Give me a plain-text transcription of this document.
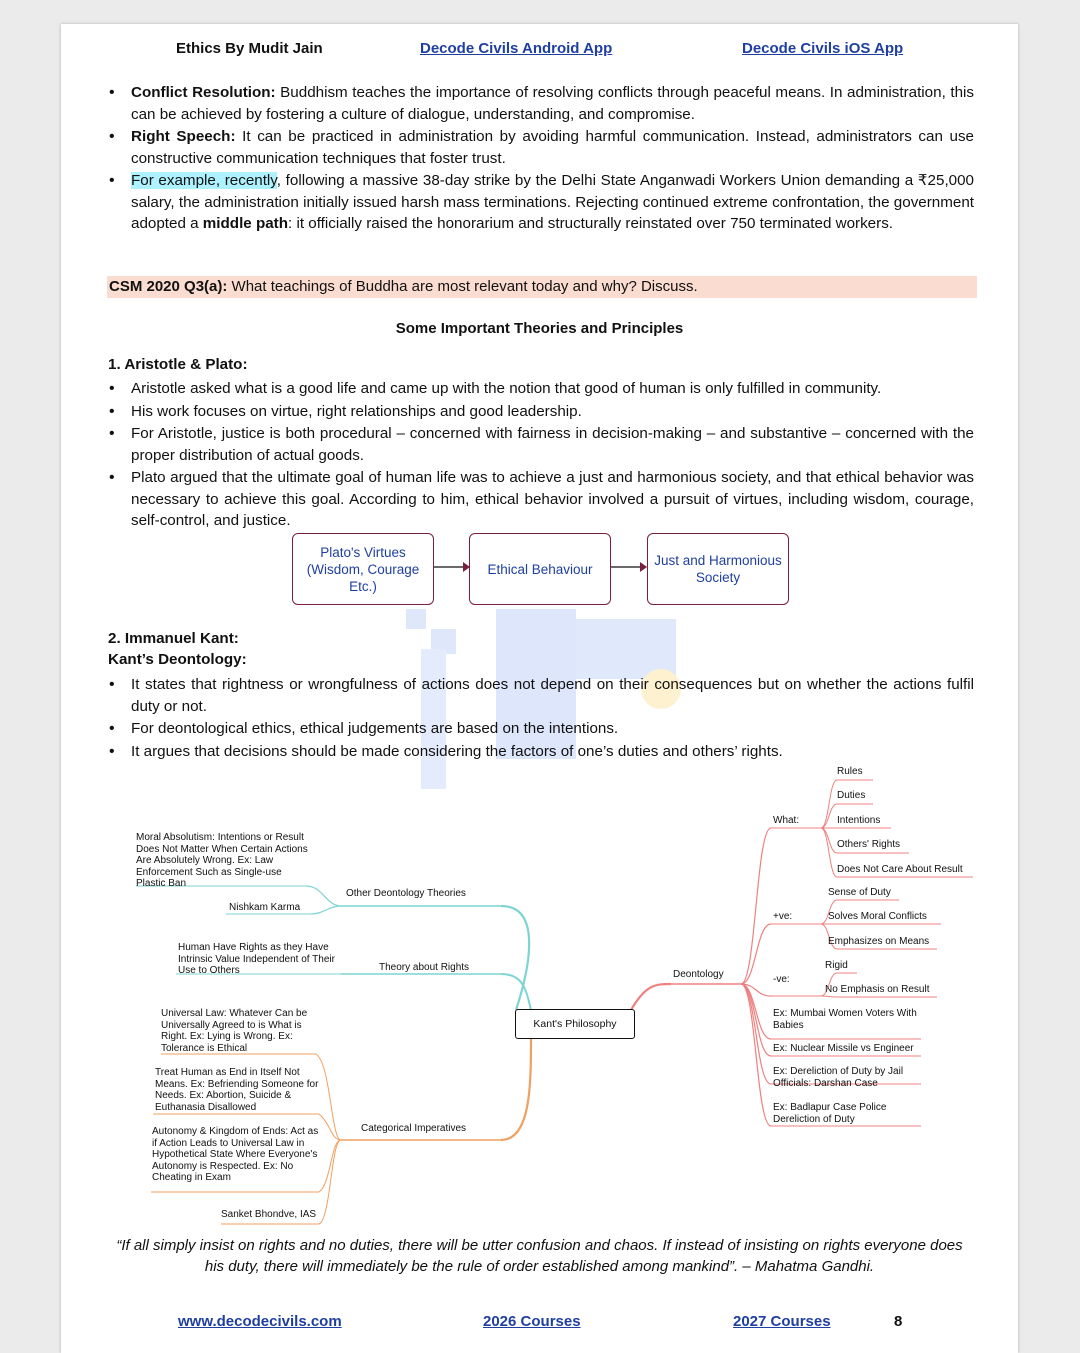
Ethics By Mudit Jain	Decode Civils Android App	Decode Civils iOS App
• Conflict Resolution: Buddhism teaches the importance of resolving conflicts through peaceful means. In administration, this can be achieved by fostering a culture of dialogue, understanding, and compromise.
• Right Speech: It can be practiced in administration by avoiding harmful communication. Instead, administrators can use constructive communication techniques that foster trust.
• For example, recently, following a massive 38-day strike by the Delhi State Anganwadi Workers Union demanding a ₹25,000 salary, the administration initially issued harsh mass terminations. Rejecting continued extreme confrontation, the government adopted a middle path: it officially raised the honorarium and structurally reinstated over 750 terminated workers.
CSM 2020 Q3(a): What teachings of Buddha are most relevant today and why? Discuss.
Some Important Theories and Principles
1. Aristotle & Plato:
• Aristotle asked what is a good life and came up with the notion that good of human is only fulfilled in community.
• His work focuses on virtue, right relationships and good leadership.
• For Aristotle, justice is both procedural – concerned with fairness in decision-making – and substantive – concerned with the proper distribution of actual goods.
• Plato argued that the ultimate goal of human life was to achieve a just and harmonious society, and that ethical behavior was necessary to achieve this goal. According to him, ethical behavior involved a pursuit of virtues, including wisdom, courage, self-control, and justice.
Plato's Virtues (Wisdom, Courage Etc.)
Ethical Behaviour
Just and Harmonious Society
2. Immanuel Kant:
Kant’s Deontology:
• It states that rightness or wrongfulness of actions does not depend on their consequences but on whether the actions fulfil duty or not.
• For deontological ethics, ethical judgements are based on the intentions.
• It argues that decisions should be made considering the factors of one’s duties and others’ rights.
Kant's Philosophy
Other Deontology Theories
Moral Absolutism: Intentions or Result Does Not Matter When Certain Actions Are Absolutely Wrong. Ex: Law Enforcement Such as Single-use Plastic Ban
Nishkam Karma
Theory about Rights
Human Have Rights as they Have Intrinsic Value Independent of Their Use to Others
Categorical Imperatives
Universal Law: Whatever Can be Universally Agreed to is What is Right. Ex: Lying is Wrong. Ex: Tolerance is Ethical
Treat Human as End in Itself Not Means. Ex: Befriending Someone for Needs. Ex: Abortion, Suicide & Euthanasia Disallowed
Autonomy & Kingdom of Ends: Act as if Action Leads to Universal Law in Hypothetical State Where Everyone's Autonomy is Respected. Ex: No Cheating in Exam
Sanket Bhondve, IAS
Deontology
What:
Rules
Duties
Intentions
Others' Rights
Does Not Care About Result
+ve:
Sense of Duty
Solves Moral Conflicts
Emphasizes on Means
-ve:
Rigid
No Emphasis on Result
Ex: Mumbai Women Voters With Babies
Ex: Nuclear Missile vs Engineer
Ex: Dereliction of Duty by Jail Officials: Darshan Case
Ex: Badlapur Case Police Dereliction of Duty
“If all simply insist on rights and no duties, there will be utter confusion and chaos. If instead of insisting on rights everyone does his duty, there will immediately be the rule of order established among mankind”. – Mahatma Gandhi.
www.decodecivils.com	2026 Courses	2027 Courses	8
